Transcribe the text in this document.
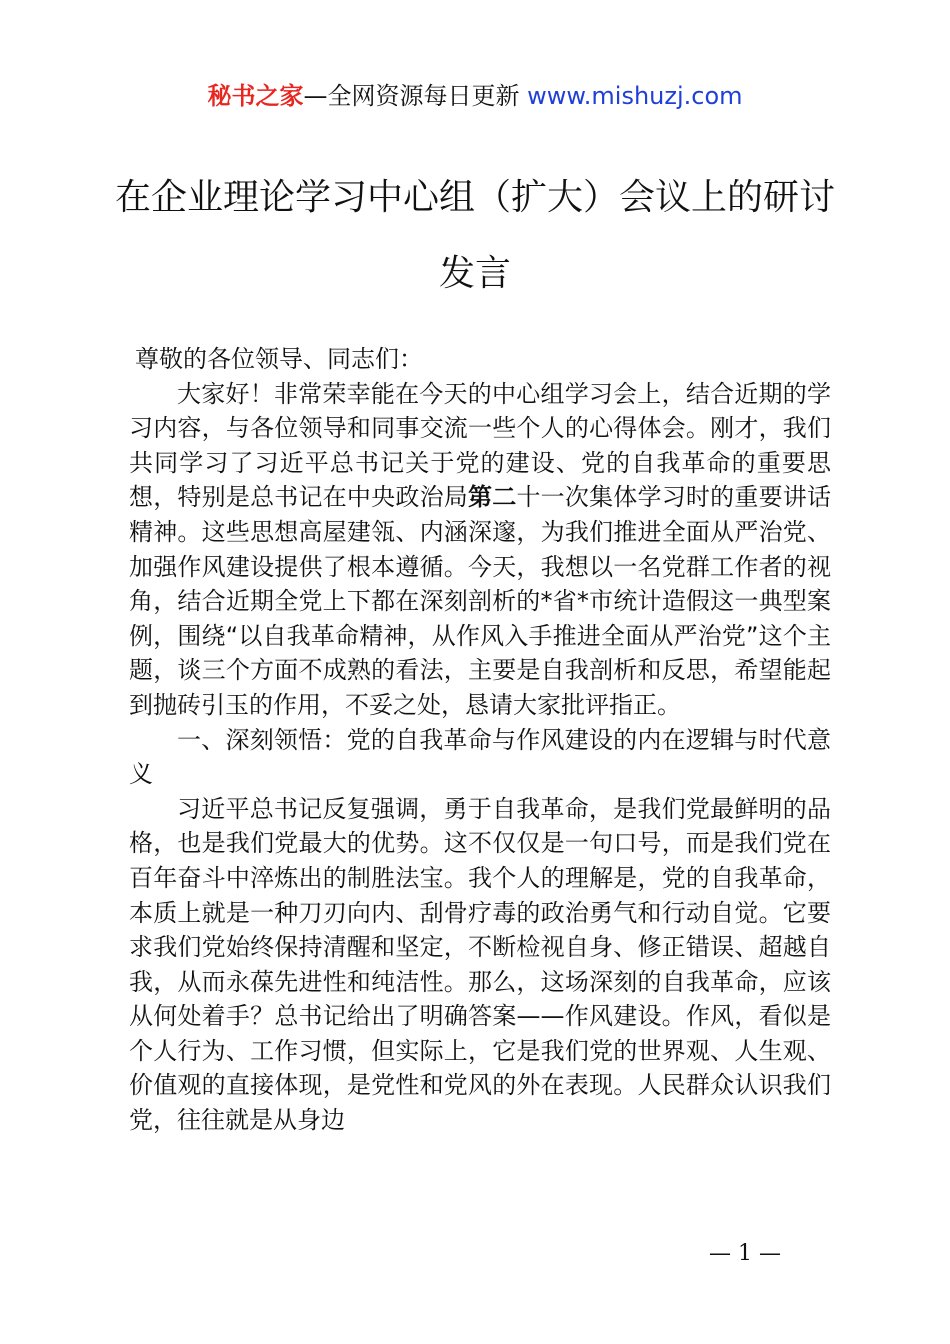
秘书之家—全网资源每日更新 www.mishuzj.com
在企业理论学习中心组（扩大）会议上的研讨发言

尊敬的各位领导、同志们：

大家好！非常荣幸能在今天的中心组学习会上，结合近期的学习内容，与各位领导和同事交流一些个人的心得体会。刚才，我们共同学习了习近平总书记关于党的建设、党的自我革命的重要思想，特别是总书记在中央政治局第二十一次集体学习时的重要讲话精神。这些思想高屋建瓴、内涵深邃，为我们推进全面从严治党、加强作风建设提供了根本遵循。今天，我想以一名党群工作者的视角，结合近期全党上下都在深刻剖析的*省*市统计造假这一典型案例，围绕“以自我革命精神，从作风入手推进全面从严治党”这个主题，谈三个方面不成熟的看法，主要是自我剖析和反思，希望能起到抛砖引玉的作用，不妥之处，恳请大家批评指正。

一、深刻领悟：党的自我革命与作风建设的内在逻辑与时代意义

习近平总书记反复强调，勇于自我革命，是我们党最鲜明的品格，也是我们党最大的优势。这不仅仅是一句口号，而是我们党在百年奋斗中淬炼出的制胜法宝。我个人的理解是，党的自我革命，本质上就是一种刀刃向内、刮骨疗毒的政治勇气和行动自觉。它要求我们党始终保持清醒和坚定，不断检视自身、修正错误、超越自我，从而永葆先进性和纯洁性。那么，这场深刻的自我革命，应该从何处着手？总书记给出了明确答案——作风建设。作风，看似是个人行为、工作习惯，但实际上，它是我们党的世界观、人生观、价值观的直接体现，是党性和党风的外在表现。人民群众认识我们党，往往就是从身边

— 1 —
